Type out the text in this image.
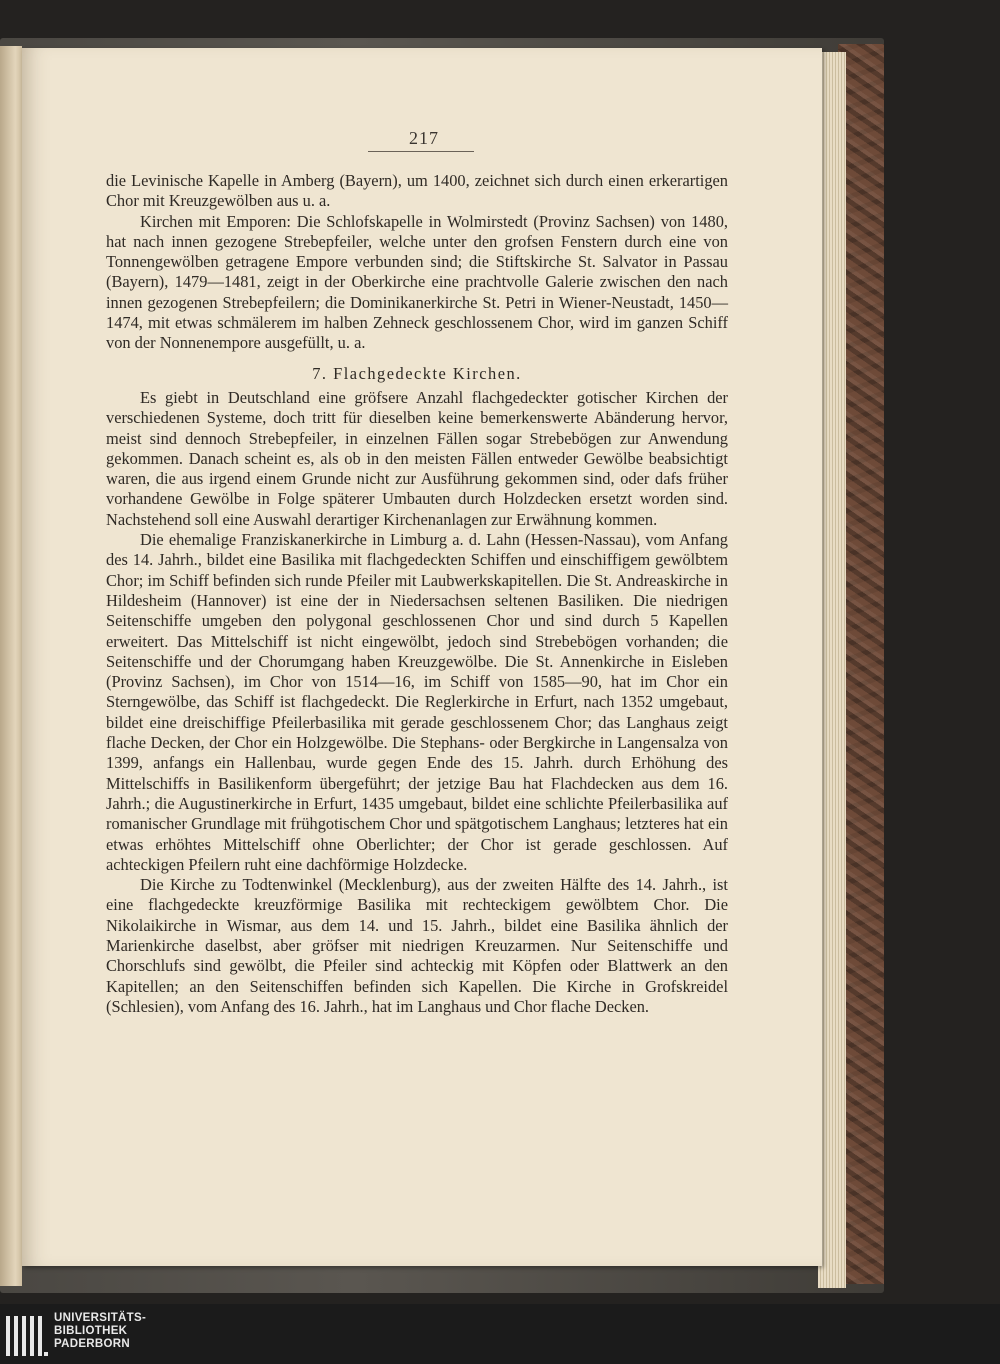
217

die Levinische Kapelle in Amberg (Bayern), um 1400, zeichnet sich durch einen erkerartigen Chor mit Kreuzgewölben aus u. a.

Kirchen mit Emporen: Die Schlofskapelle in Wolmirstedt (Provinz Sachsen) von 1480, hat nach innen gezogene Strebepfeiler, welche unter den grofsen Fenstern durch eine von Tonnengewölben getragene Empore verbunden sind; die Stiftskirche St. Salvator in Passau (Bayern), 1479—1481, zeigt in der Oberkirche eine prachtvolle Galerie zwischen den nach innen gezogenen Strebepfeilern; die Dominikanerkirche St. Petri in Wiener-Neustadt, 1450—1474, mit etwas schmälerem im halben Zehneck geschlossenem Chor, wird im ganzen Schiff von der Nonnenempore ausgefüllt, u. a.

7. Flachgedeckte Kirchen.

Es giebt in Deutschland eine gröfsere Anzahl flachgedeckter gotischer Kirchen der verschiedenen Systeme, doch tritt für dieselben keine bemerkenswerte Abänderung hervor, meist sind dennoch Strebepfeiler, in einzelnen Fällen sogar Strebebögen zur Anwendung gekommen. Danach scheint es, als ob in den meisten Fällen entweder Gewölbe beabsichtigt waren, die aus irgend einem Grunde nicht zur Ausführung gekommen sind, oder dafs früher vorhandene Gewölbe in Folge späterer Umbauten durch Holzdecken ersetzt worden sind. Nachstehend soll eine Auswahl derartiger Kirchenanlagen zur Erwähnung kommen.

Die ehemalige Franziskanerkirche in Limburg a. d. Lahn (Hessen-Nassau), vom Anfang des 14. Jahrh., bildet eine Basilika mit flachgedeckten Schiffen und einschiffigem gewölbtem Chor; im Schiff befinden sich runde Pfeiler mit Laubwerkskapitellen. Die St. Andreaskirche in Hildesheim (Hannover) ist eine der in Niedersachsen seltenen Basiliken. Die niedrigen Seitenschiffe umgeben den polygonal geschlossenen Chor und sind durch 5 Kapellen erweitert. Das Mittelschiff ist nicht eingewölbt, jedoch sind Strebebögen vorhanden; die Seitenschiffe und der Chorumgang haben Kreuzgewölbe. Die St. Annenkirche in Eisleben (Provinz Sachsen), im Chor von 1514—16, im Schiff von 1585—90, hat im Chor ein Sterngewölbe, das Schiff ist flachgedeckt. Die Reglerkirche in Erfurt, nach 1352 umgebaut, bildet eine dreischiffige Pfeilerbasilika mit gerade geschlossenem Chor; das Langhaus zeigt flache Decken, der Chor ein Holzgewölbe. Die Stephans- oder Bergkirche in Langensalza von 1399, anfangs ein Hallenbau, wurde gegen Ende des 15. Jahrh. durch Erhöhung des Mittelschiffs in Basilikenform übergeführt; der jetzige Bau hat Flachdecken aus dem 16. Jahrh.; die Augustinerkirche in Erfurt, 1435 umgebaut, bildet eine schlichte Pfeilerbasilika auf romanischer Grundlage mit frühgotischem Chor und spätgotischem Langhaus; letzteres hat ein etwas erhöhtes Mittelschiff ohne Oberlichter; der Chor ist gerade geschlossen. Auf achteckigen Pfeilern ruht eine dachförmige Holzdecke.

Die Kirche zu Todtenwinkel (Mecklenburg), aus der zweiten Hälfte des 14. Jahrh., ist eine flachgedeckte kreuzförmige Basilika mit rechteckigem gewölbtem Chor. Die Nikolaikirche in Wismar, aus dem 14. und 15. Jahrh., bildet eine Basilika ähnlich der Marienkirche daselbst, aber gröfser mit niedrigen Kreuzarmen. Nur Seitenschiffe und Chorschlufs sind gewölbt, die Pfeiler sind achteckig mit Köpfen oder Blattwerk an den Kapitellen; an den Seitenschiffen befinden sich Kapellen. Die Kirche in Grofskreidel (Schlesien), vom Anfang des 16. Jahrh., hat im Langhaus und Chor flache Decken.

UNIVERSITÄTS-
BIBLIOTHEK
PADERBORN
